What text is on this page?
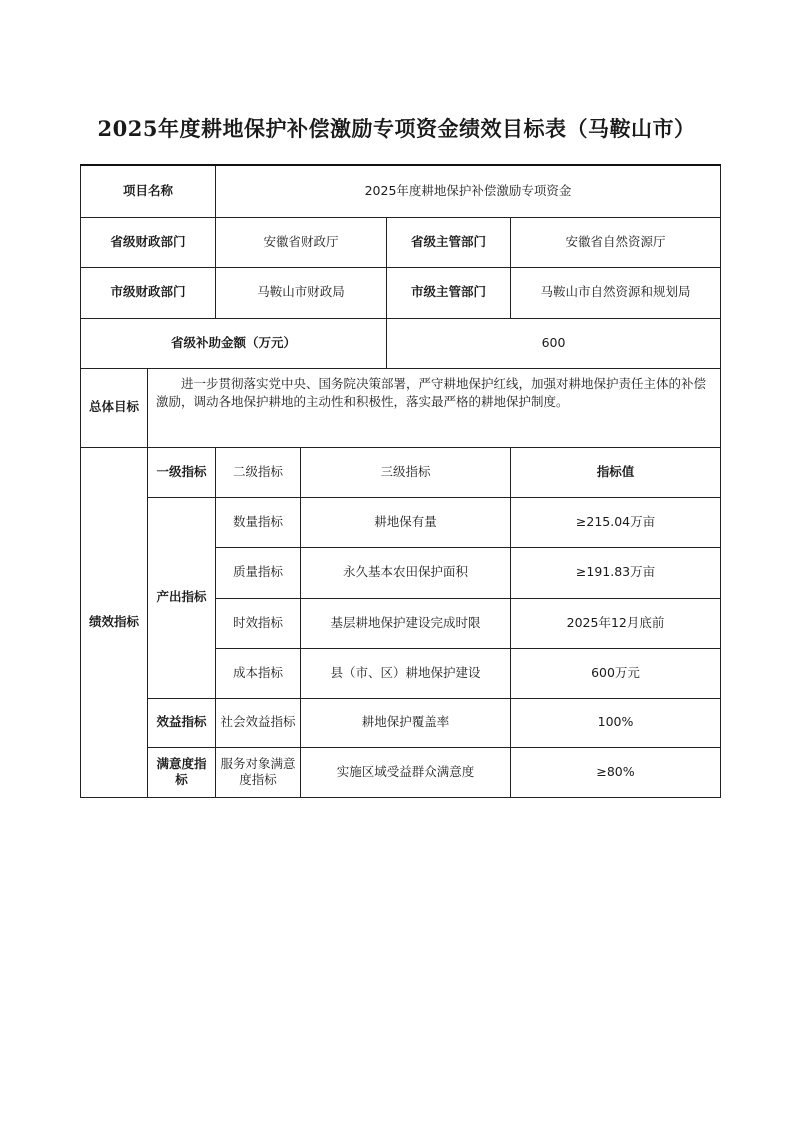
2025年度耕地保护补偿激励专项资金绩效目标表（马鞍山市）
项目名称		2025年度耕地保护补偿激励专项资金			
省级财政部门		安徽省财政厅		省级主管部门	安徽省自然资源厅
市级财政部门		马鞍山市财政局		市级主管部门	马鞍山市自然资源和规划局
省级补助金额（万元）				600	
总体目标	进一步贯彻落实党中央、国务院决策部署，严守耕地保护红线，加强对耕地保护责任主体的补偿激励，调动各地保护耕地的主动性和积极性，落实最严格的耕地保护制度。				
绩效指标	一级指标	二级指标	三级指标		指标值
	产出指标	数量指标	耕地保有量		≥215.04万亩
		质量指标	永久基本农田保护面积		≥191.83万亩
		时效指标	基层耕地保护建设完成时限		2025年12月底前
		成本指标	县（市、区）耕地保护建设		600万元
	效益指标	社会效益指标	耕地保护覆盖率		100%
	满意度指标	服务对象满意度指标	实施区域受益群众满意度		≥80%
